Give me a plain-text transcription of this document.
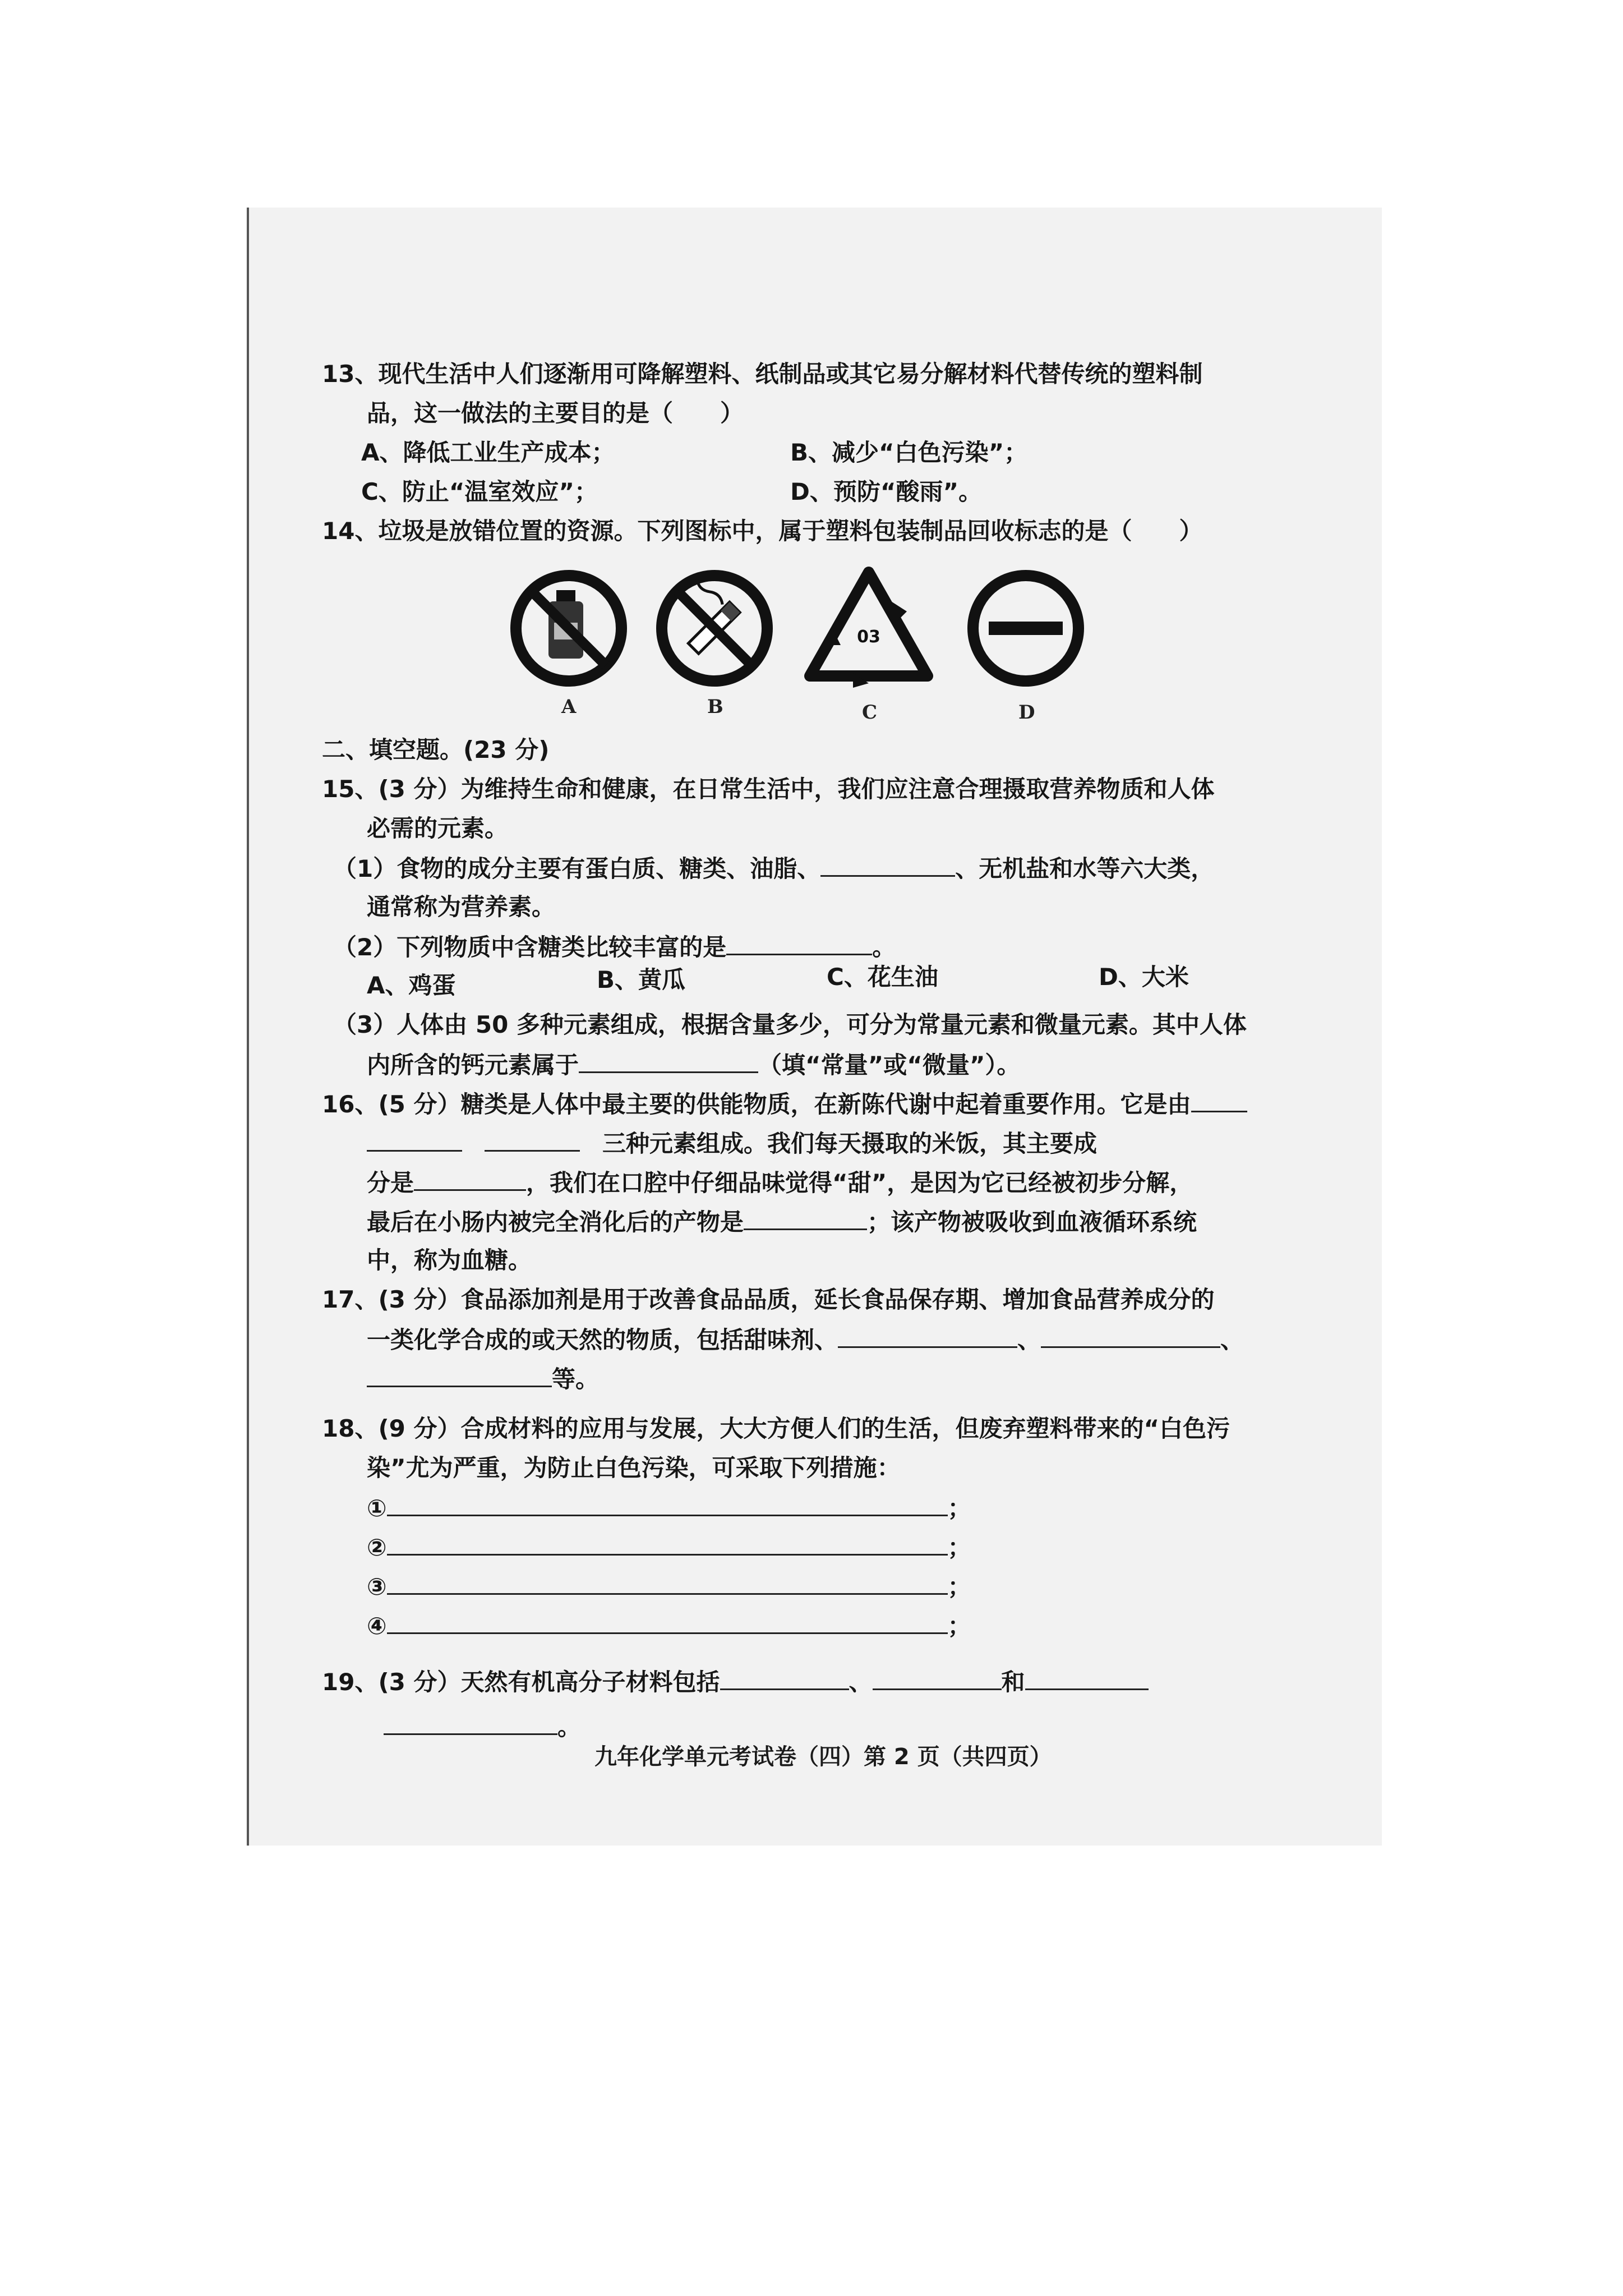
13、现代生活中人们逐渐用可降解塑料、纸制品或其它易分解材料代替传统的塑料制
品，这一做法的主要目的是（　　）
A、降低工业生产成本；	B、减少“白色污染”；
C、防止“温室效应”；	D、预防“酸雨”。
14、垃圾是放错位置的资源。下列图标中，属于塑料包装制品回收标志的是（　　）
A	B
03
C	D
二、填空题。(23 分)
15、(3 分）为维持生命和健康，在日常生活中，我们应注意合理摄取营养物质和人体
必需的元素。
（1）食物的成分主要有蛋白质、糖类、油脂、	、无机盐和水等六大类，
通常称为营养素。
（2）下列物质中含糖类比较丰富的是	。
A、鸡蛋	B、黄瓜	C、花生油	D、大米
（3）人体由 50 多种元素组成，根据含量多少，可分为常量元素和微量元素。其中人体
内所含的钙元素属于	（填“常量”或“微量”）。
16、(5 分）糖类是人体中最主要的供能物质，在新陈代谢中起着重要作用。它是由
三种元素组成。我们每天摄取的米饭，其主要成
分是	，我们在口腔中仔细品味觉得“甜”，是因为它已经被初步分解，
最后在小肠内被完全消化后的产物是	；该产物被吸收到血液循环系统
中，称为血糖。
17、(3 分）食品添加剂是用于改善食品品质，延长食品保存期、增加食品营养成分的
一类化学合成的或天然的物质，包括甜味剂、	、	、
等。
18、(9 分）合成材料的应用与发展，大大方便人们的生活，但废弃塑料带来的“白色污
染”尤为严重，为防止白色污染，可采取下列措施：
①	；
②	；
③	；
④	；
19、(3 分）天然有机高分子材料包括	、	和
。
九年化学单元考试卷（四）第 2 页（共四页）
